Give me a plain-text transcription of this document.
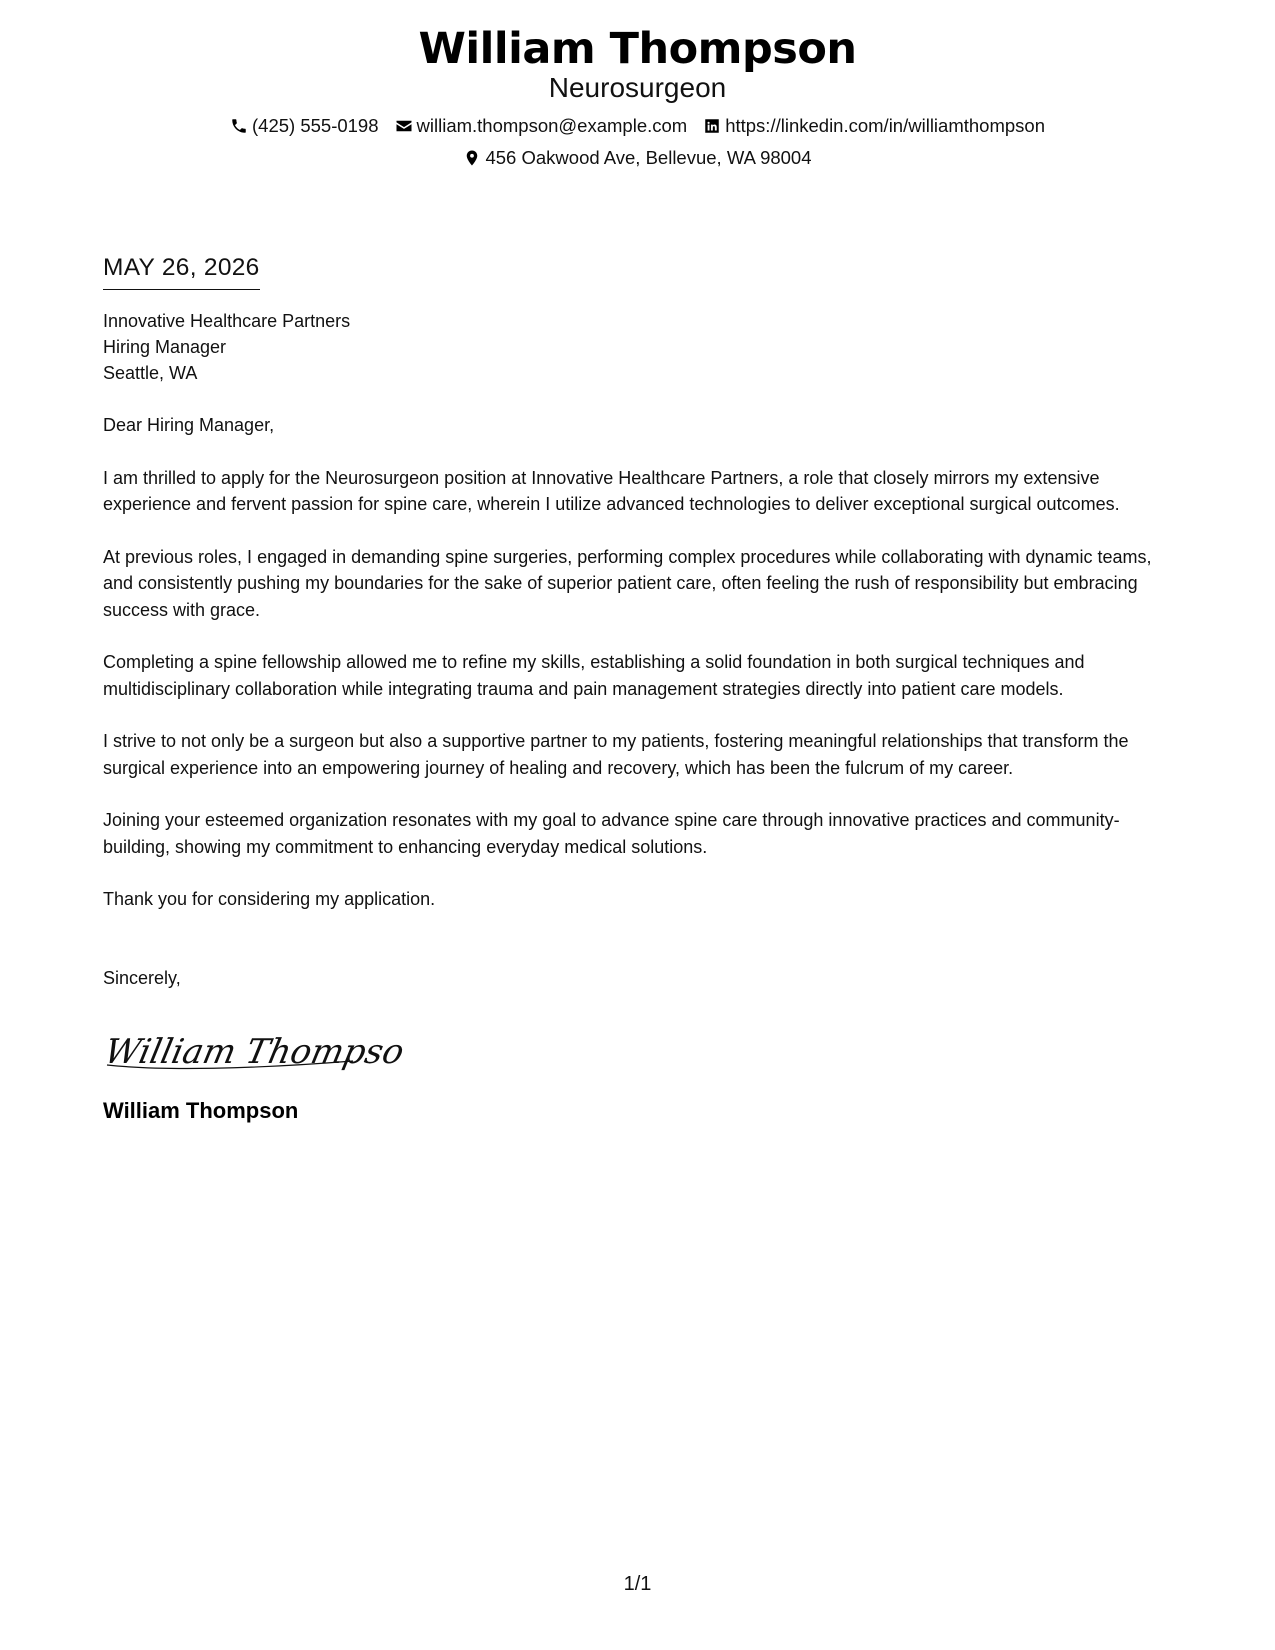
William Thompson
Neurosurgeon
(425) 555-0198 william.thompson@example.com https://linkedin.com/in/williamthompson
456 Oakwood Ave, Bellevue, WA 98004
MAY 26, 2026
Innovative Healthcare Partners
Hiring Manager
Seattle, WA
Dear Hiring Manager,

I am thrilled to apply for the Neurosurgeon position at Innovative Healthcare Partners, a role that closely mirrors my extensive experience and fervent passion for spine care, wherein I utilize advanced technologies to deliver exceptional surgical outcomes.

At previous roles, I engaged in demanding spine surgeries, performing complex procedures while collaborating with dynamic teams, and consistently pushing my boundaries for the sake of superior patient care, often feeling the rush of responsibility but embracing success with grace.

Completing a spine fellowship allowed me to refine my skills, establishing a solid foundation in both surgical techniques and multidisciplinary collaboration while integrating trauma and pain management strategies directly into patient care models.

I strive to not only be a surgeon but also a supportive partner to my patients, fostering meaningful relationships that transform the surgical experience into an empowering journey of healing and recovery, which has been the fulcrum of my career.

Joining your esteemed organization resonates with my goal to advance spine care through innovative practices and community-building, showing my commitment to enhancing everyday medical solutions.

Thank you for considering my application.

Sincerely,
William Thompso
William Thompson
1/1
